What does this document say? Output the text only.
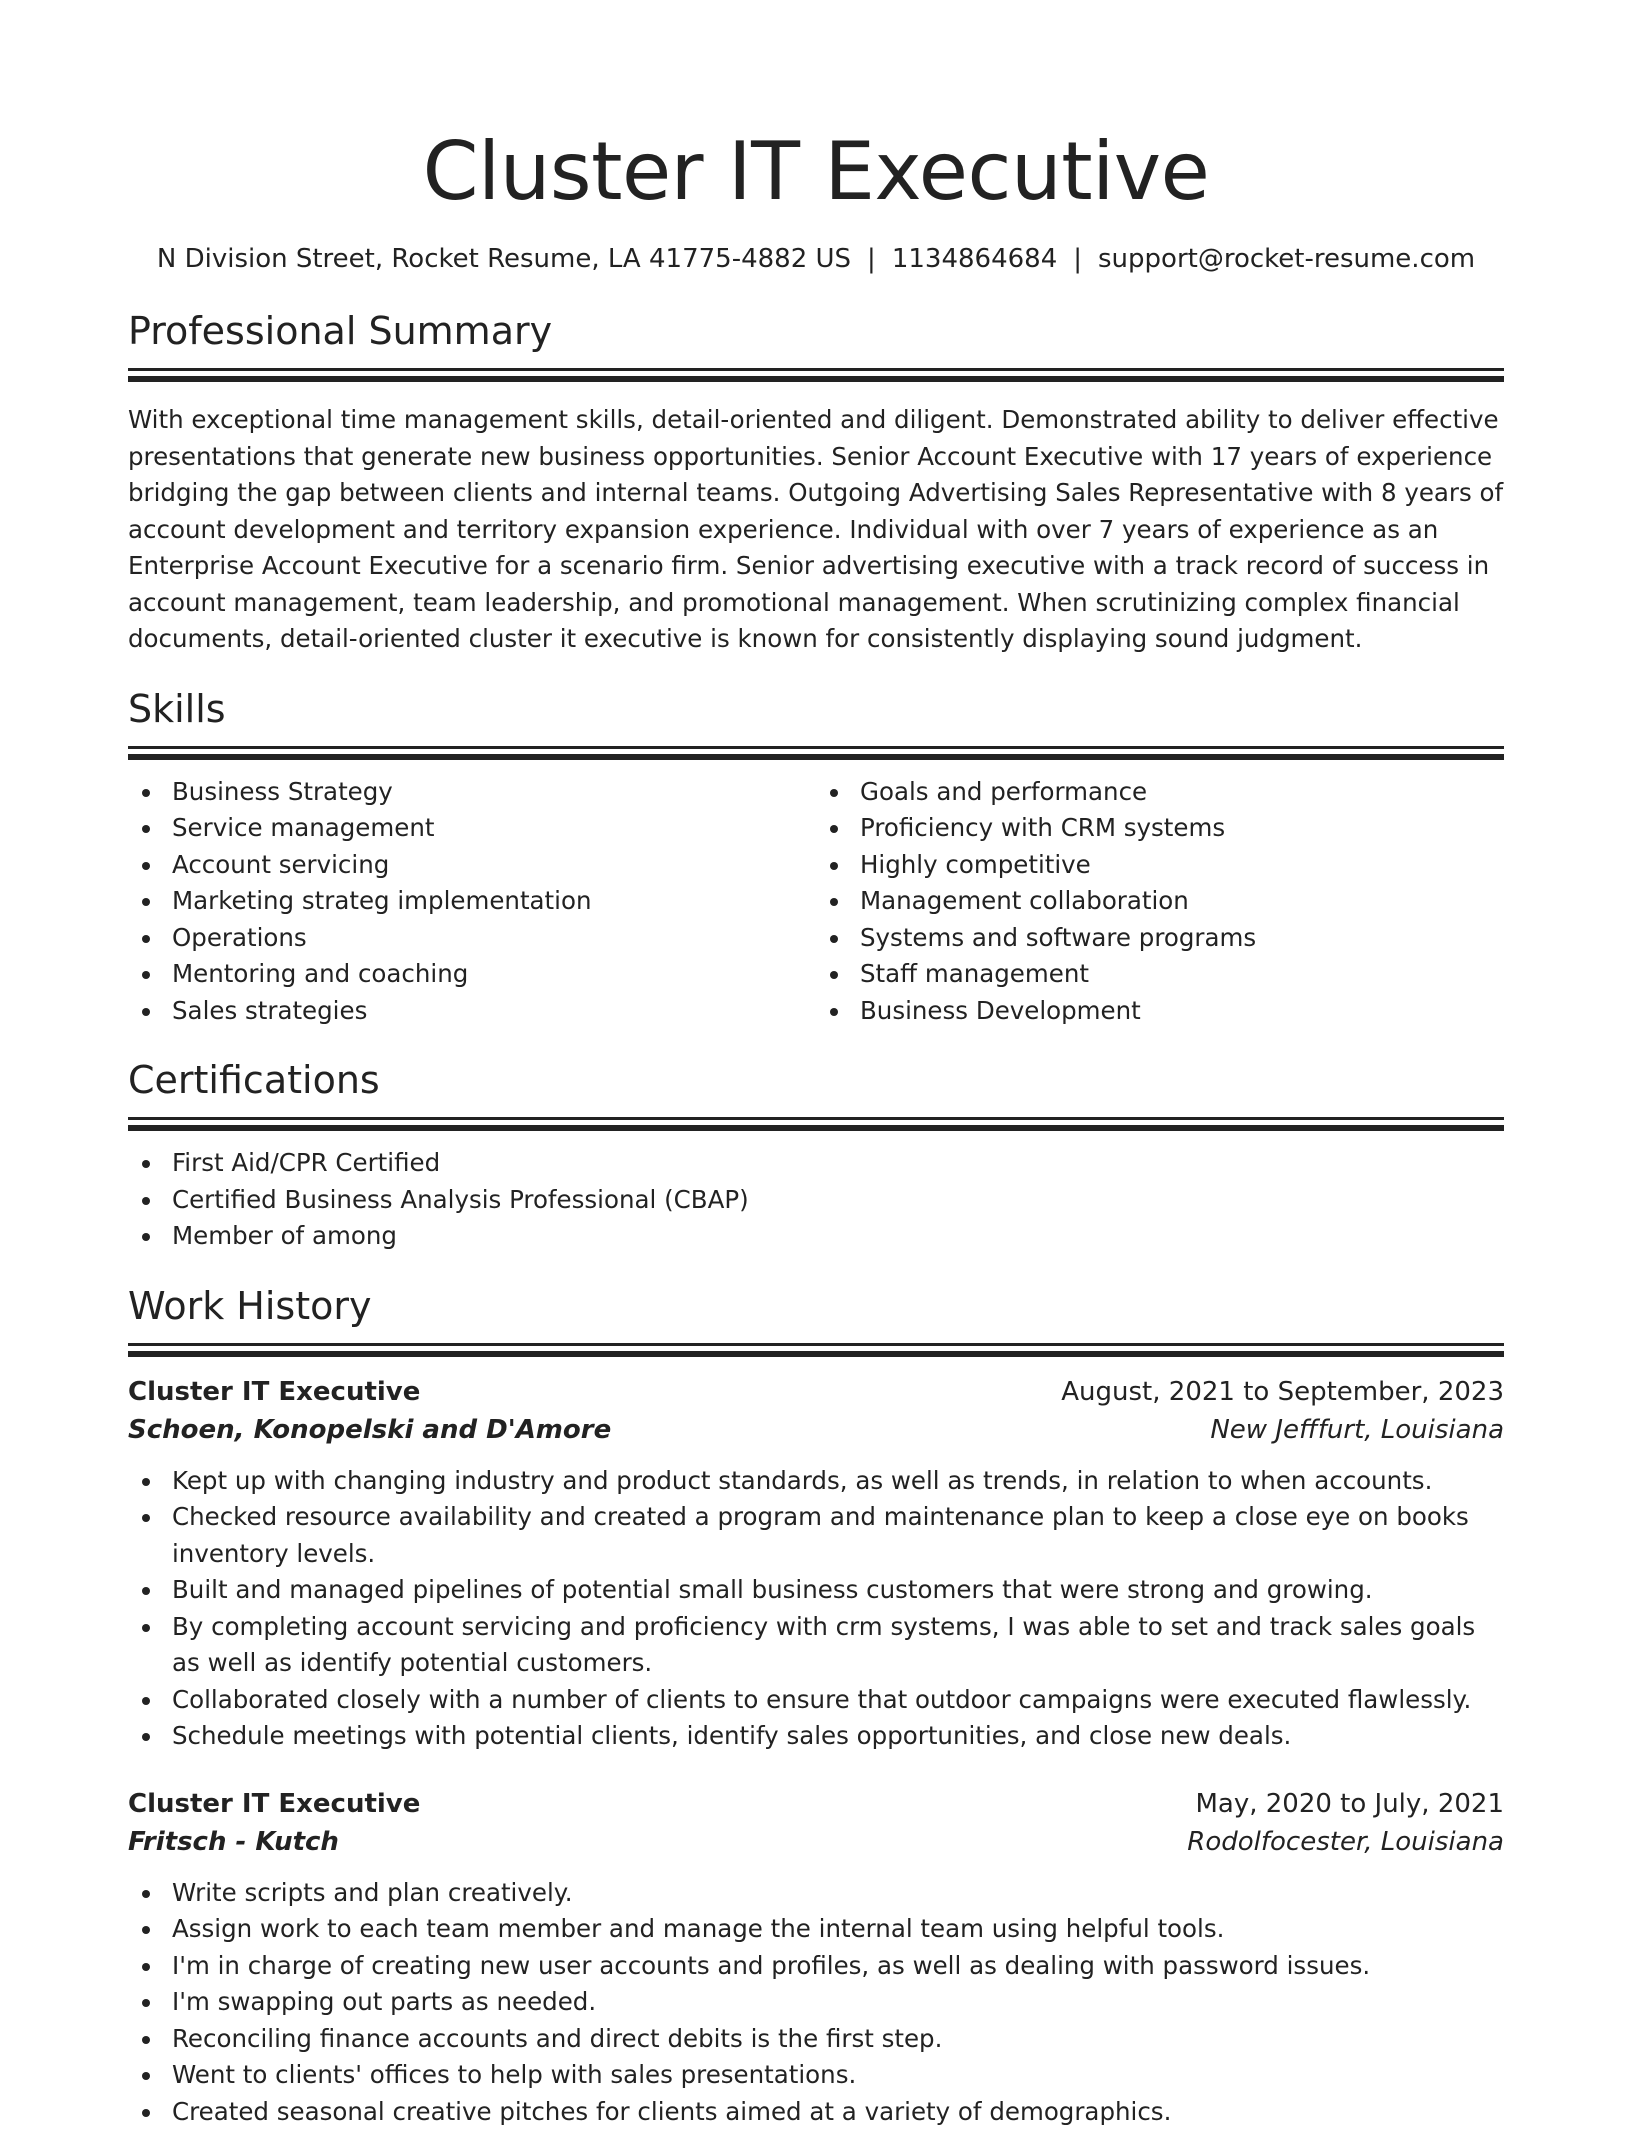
Cluster IT Executive
N Division Street, Rocket Resume, LA 41775-4882 US | 1134864684 | support@rocket-resume.com
Professional Summary
With exceptional time management skills, detail-oriented and diligent. Demonstrated ability to deliver effective presentations that generate new business opportunities. Senior Account Executive with 17 years of experience bridging the gap between clients and internal teams. Outgoing Advertising Sales Representative with 8 years of account development and territory expansion experience. Individual with over 7 years of experience as an Enterprise Account Executive for a scenario firm. Senior advertising executive with a track record of success in account management, team leadership, and promotional management. When scrutinizing complex financial documents, detail-oriented cluster it executive is known for consistently displaying sound judgment.
Skills
Business Strategy
Service management
Account servicing
Marketing strateg implementation
Operations
Mentoring and coaching
Sales strategies
Goals and performance
Proficiency with CRM systems
Highly competitive
Management collaboration
Systems and software programs
Staff management
Business Development
Certifications
First Aid/CPR Certified
Certified Business Analysis Professional (CBAP)
Member of among
Work History
Cluster IT Executive	August, 2021 to September, 2023
Schoen, Konopelski and D'Amore	New Jefffurt, Louisiana
Kept up with changing industry and product standards, as well as trends, in relation to when accounts.
Checked resource availability and created a program and maintenance plan to keep a close eye on books inventory levels.
Built and managed pipelines of potential small business customers that were strong and growing.
By completing account servicing and proficiency with crm systems, I was able to set and track sales goals as well as identify potential customers.
Collaborated closely with a number of clients to ensure that outdoor campaigns were executed flawlessly.
Schedule meetings with potential clients, identify sales opportunities, and close new deals.
Cluster IT Executive	May, 2020 to July, 2021
Fritsch - Kutch	Rodolfocester, Louisiana
Write scripts and plan creatively.
Assign work to each team member and manage the internal team using helpful tools.
I'm in charge of creating new user accounts and profiles, as well as dealing with password issues.
I'm swapping out parts as needed.
Reconciling finance accounts and direct debits is the first step.
Went to clients' offices to help with sales presentations.
Created seasonal creative pitches for clients aimed at a variety of demographics.
